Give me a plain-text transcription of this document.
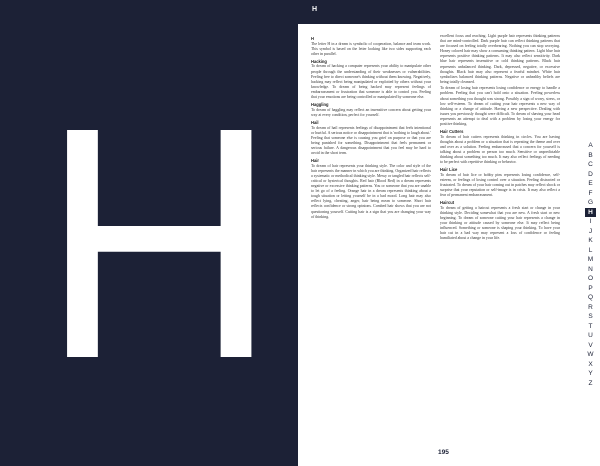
H
H
H

The letter H in a dream is symbolic of cooperation, balance and team work. This symbol is based on the letter looking like two sides supporting each other in parallel.

Hacking

To dream of hacking a computer represents your ability to manipulate other people through the understanding of their weaknesses or vulnerabilities. Feeling free to direct someone's thinking without them knowing. Negatively, hacking may reflect being manipulated or exploited by others without your knowledge. To dream of being hacked may represent feelings of embarrassment or frustration that someone is able to control you. Feeling that your emotions are being controlled or manipulated by someone else.

Haggling

To dream of haggling may reflect an insensitive concern about getting your way at every condition, perfect for yourself.

Hail

To dream of hail represents feelings of disappointment that feels intentional or hurtful. A serious notice or disappointment that is 'nothing to laugh about.' Feeling that someone else is causing you grief on purpose or that you are being punished for something. Disappointment that feels permanent or serious failure. A dangerous disappointment that you feel may be hard to avoid in the short term.

Hair

To dream of hair represents your thinking style. The color and style of the hair represents the manner in which you are thinking. Organized hair reflects a systematic or methodical thinking style. Messy or tangled hair reflects self-critical or hysterical thoughts. Red hair (Blood Red) in a dream represents negative or excessive thinking patterns. You or someone that you are unable to let go of a feeling. Orange hair in a dream represents thinking about a tough situation or letting yourself be in a bad mood. Long hair may also reflect lying, cheating, anger, hair being mean to someone. Short hair reflects confidence or strong opinions. Combed hair shows that you are not questioning yourself. Cutting hair is a sign that you are changing your way of thinking.

excellent focus and reaching. Light purple hair represents thinking patterns that are mind-controlled. Dark purple hair can reflect thinking patterns that are focused on feeling totally overbearing. Nothing you can stop worrying. Honey colored hair may show a consuming thinking pattern. Light blue hair represents positive thinking patterns. It may also reflect sensitivity. Dark blue hair represents insensitive or cold thinking patterns. Black hair represents unbalanced thinking. Dark, depressed, negative, or excessive thoughts. Black hair may also represent a fearful mindset. White hair symbolizes balanced thinking patterns. Negative or unhealthy beliefs are being totally cleansed.

To dream of losing hair represents losing confidence or energy to handle a problem. Feeling that you can't hold onto a situation. Feeling powerless about something you thought was strong. Possibly a sign of worry, stress, or low self-esteem. To dream of cutting your hair represents a new way of thinking or a change of attitude. Having a new perspective. Dealing with issues you previously thought were difficult. To dream of shaving your head represents an attempt to deal with a problem by losing your energy for positive thinking.

Hair Cutters

To dream of hair cutters represents thinking in circles. You are having thoughts about a problem or a situation that is repeating the theme and over and over as a solution. Feeling embarrassed that a concern for yourself is talking about a problem or person too much. Sensitive or unpredictable thinking about something too much. It may also reflect feelings of needing to be perfect with repetitive thinking or behavior.

Hair Lice

To dream of hair lice or bobby pins represents losing confidence, self-esteem, or feelings of losing control over a situation. Feeling distracted or frustrated. To dream of your hair coming out in patches may reflect shock or surprise that your reputation or self-image is in crisis. It may also reflect a fear of permanent embarrassment.

Haircut

To dream of getting a haircut represents a fresh start or change in your thinking style. Deciding somewhat that you are new. A fresh start or new beginning. To dream of someone cutting your hair represents a change in your thinking or attitude caused by someone else. It may reflect being influenced. Something or someone is shaping your thinking. To have your hair cut in a bad way may represent a loss of confidence or feeling humiliated about a change in your life.

A
B
C
D
E
F
G
H
I
J
K
L
M
N
O
P
Q
R
S
T
U
V
W
X
Y
Z
195
